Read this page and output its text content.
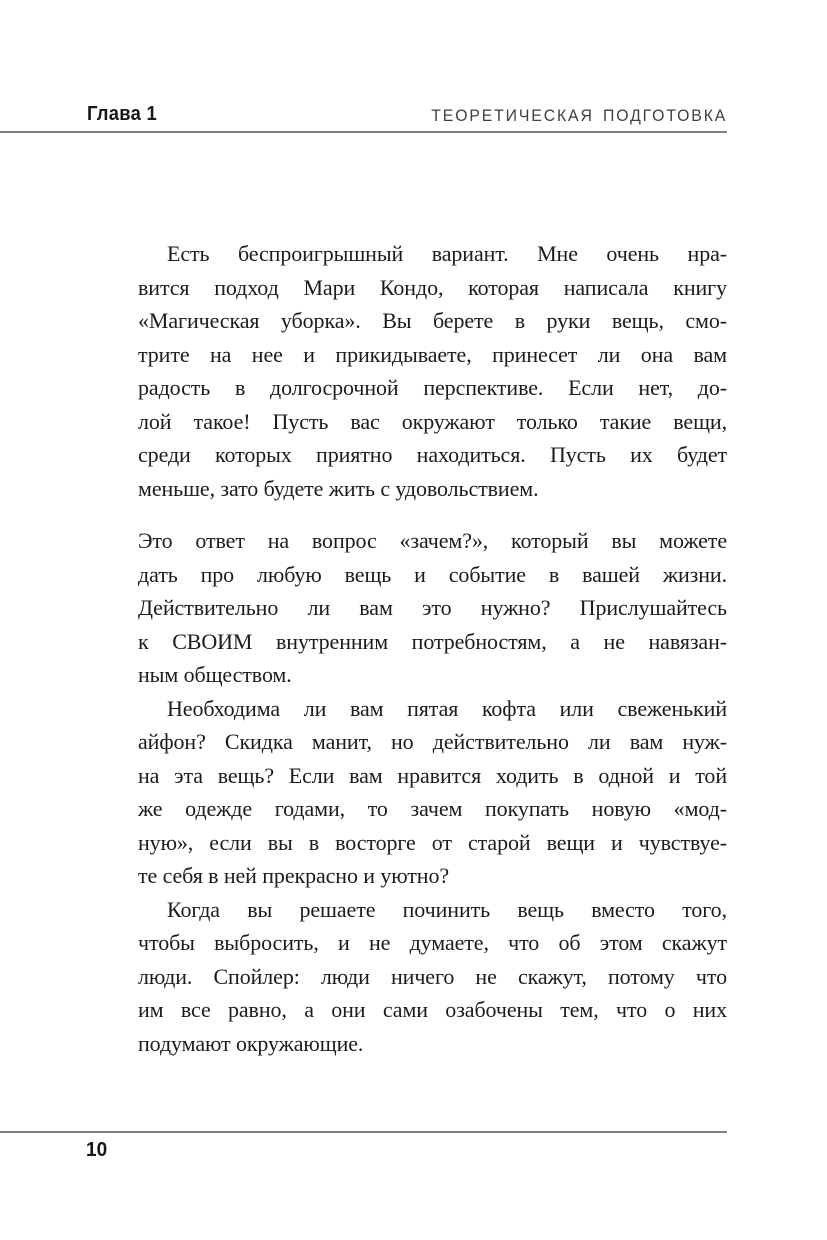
Глава 1	ТЕОРЕТИЧЕСКАЯ ПОДГОТОВКА
Есть беспроигрышный вариант. Мне очень нра-
вится подход Мари Кондо, которая написала книгу
«Магическая уборка». Вы берете в руки вещь, смо-
трите на нее и прикидываете, принесет ли она вам
радость в долгосрочной перспективе. Если нет, до-
лой такое! Пусть вас окружают только такие вещи,
среди которых приятно находиться. Пусть их будет
меньше, зато будете жить с удовольствием.
Это ответ на вопрос «зачем?», который вы можете
дать про любую вещь и событие в вашей жизни.
Действительно ли вам это нужно? Прислушайтесь
к СВОИМ внутренним потребностям, а не навязан-
ным обществом.
Необходима ли вам пятая кофта или свеженький
айфон? Скидка манит, но действительно ли вам нуж-
на эта вещь? Если вам нравится ходить в одной и той
же одежде годами, то зачем покупать новую «мод-
ную», если вы в восторге от старой вещи и чувствуе-
те себя в ней прекрасно и уютно?
Когда вы решаете починить вещь вместо того,
чтобы выбросить, и не думаете, что об этом скажут
люди. Спойлер: люди ничего не скажут, потому что
им все равно, а они сами озабочены тем, что о них
подумают окружающие.
10
